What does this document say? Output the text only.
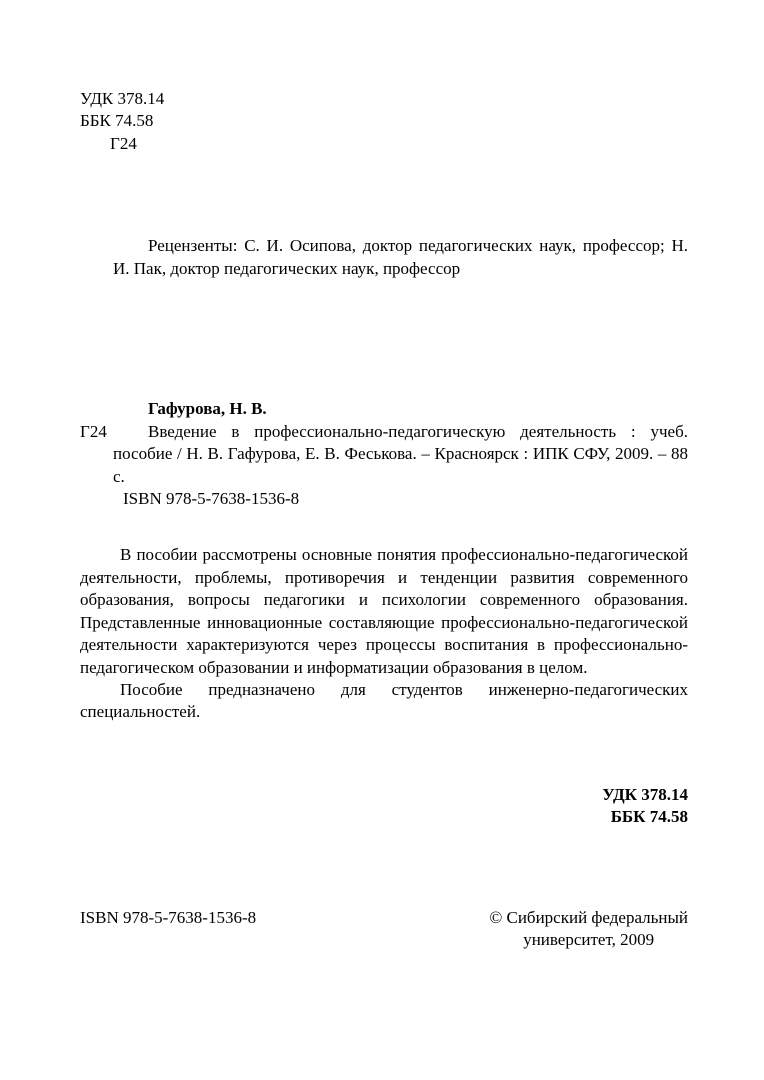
УДК 378.14
ББК 74.58
Г24

Рецензенты: С. И. Осипова, доктор педагогических наук, профессор; Н. И. Пак, доктор педагогических наук, профессор

Гафурова, Н. В.
Г24	Введение в профессионально-педагогическую деятельность : учеб. пособие / Н. В. Гафурова, Е. В. Феськова. – Красноярск : ИПК СФУ, 2009. – 88 с.

ISBN 978-5-7638-1536-8

В пособии рассмотрены основные понятия профессионально-педагогической деятельности, проблемы, противоречия и тенденции развития современного образования, вопросы педагогики и психологии современного образования. Представленные инновационные составляющие профессионально-педагогической деятельности характеризуются через процессы воспитания в профессионально-педагогическом образовании и информатизации образования в целом.

Пособие предназначено для студентов инженерно-педагогических специальностей.

УДК 378.14
ББК 74.58
ISBN 978-5-7638-1536-8	© Сибирский федеральный
университет, 2009
